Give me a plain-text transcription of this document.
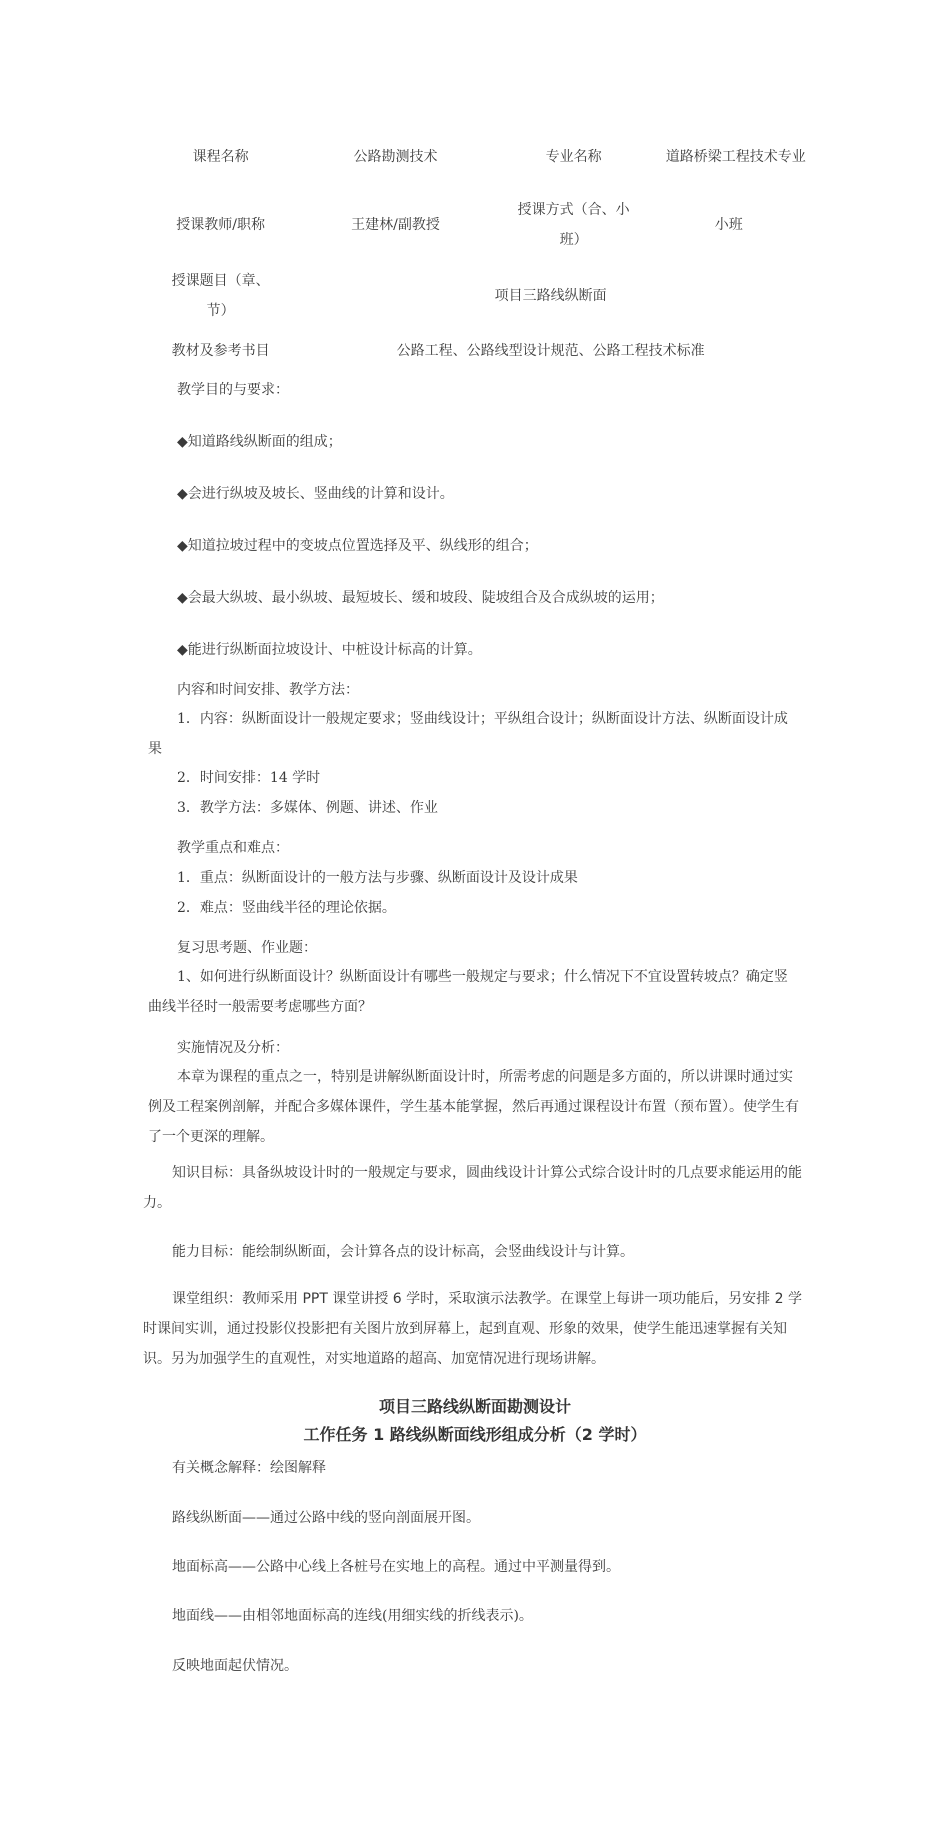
课程名称	公路勘测技术	专业名称	道路桥梁工程技术专业
授课教师/职称	王建林/副教授	授课方式（合、小班）	小班
授课题目（章、节）	项目三路线纵断面		
教材及参考书目	公路工程、公路线型设计规范、公路工程技术标准		
教学目的与要求：
◆知道路线纵断面的组成；
◆会进行纵坡及坡长、竖曲线的计算和设计。
◆知道拉坡过程中的变坡点位置选择及平、纵线形的组合；
◆会最大纵坡、最小纵坡、最短坡长、缓和坡段、陡坡组合及合成纵坡的运用；
◆能进行纵断面拉坡设计、中桩设计标高的计算。
内容和时间安排、教学方法：
1．内容：纵断面设计一般规定要求；竖曲线设计；平纵组合设计；纵断面设计方法、纵断面设计成果
2．时间安排：14 学时
3．教学方法：多媒体、例题、讲述、作业
教学重点和难点：
1．重点：纵断面设计的一般方法与步骤、纵断面设计及设计成果
2．难点：竖曲线半径的理论依据。
复习思考题、作业题：
1、如何进行纵断面设计？纵断面设计有哪些一般规定与要求；什么情况下不宜设置转坡点？确定竖曲线半径时一般需要考虑哪些方面？
实施情况及分析：
本章为课程的重点之一，特别是讲解纵断面设计时，所需考虑的问题是多方面的，所以讲课时通过实例及工程案例剖解，并配合多媒体课件，学生基本能掌握，然后再通过课程设计布置（预布置）。使学生有了一个更深的理解。
知识目标：具备纵坡设计时的一般规定与要求，圆曲线设计计算公式综合设计时的几点要求能运用的能力。
能力目标：能绘制纵断面，会计算各点的设计标高，会竖曲线设计与计算。
课堂组织：教师采用 PPT 课堂讲授 6 学时，采取演示法教学。在课堂上每讲一项功能后，另安排 2 学时课间实训，通过投影仪投影把有关图片放到屏幕上，起到直观、形象的效果，使学生能迅速掌握有关知识。另为加强学生的直观性，对实地道路的超高、加宽情况进行现场讲解。
项目三路线纵断面勘测设计
工作任务 1 路线纵断面线形组成分析（2 学时）
有关概念解释：绘图解释
路线纵断面——通过公路中线的竖向剖面展开图。
地面标高——公路中心线上各桩号在实地上的高程。通过中平测量得到。
地面线——由相邻地面标高的连线(用细实线的折线表示)。
反映地面起伏情况。
